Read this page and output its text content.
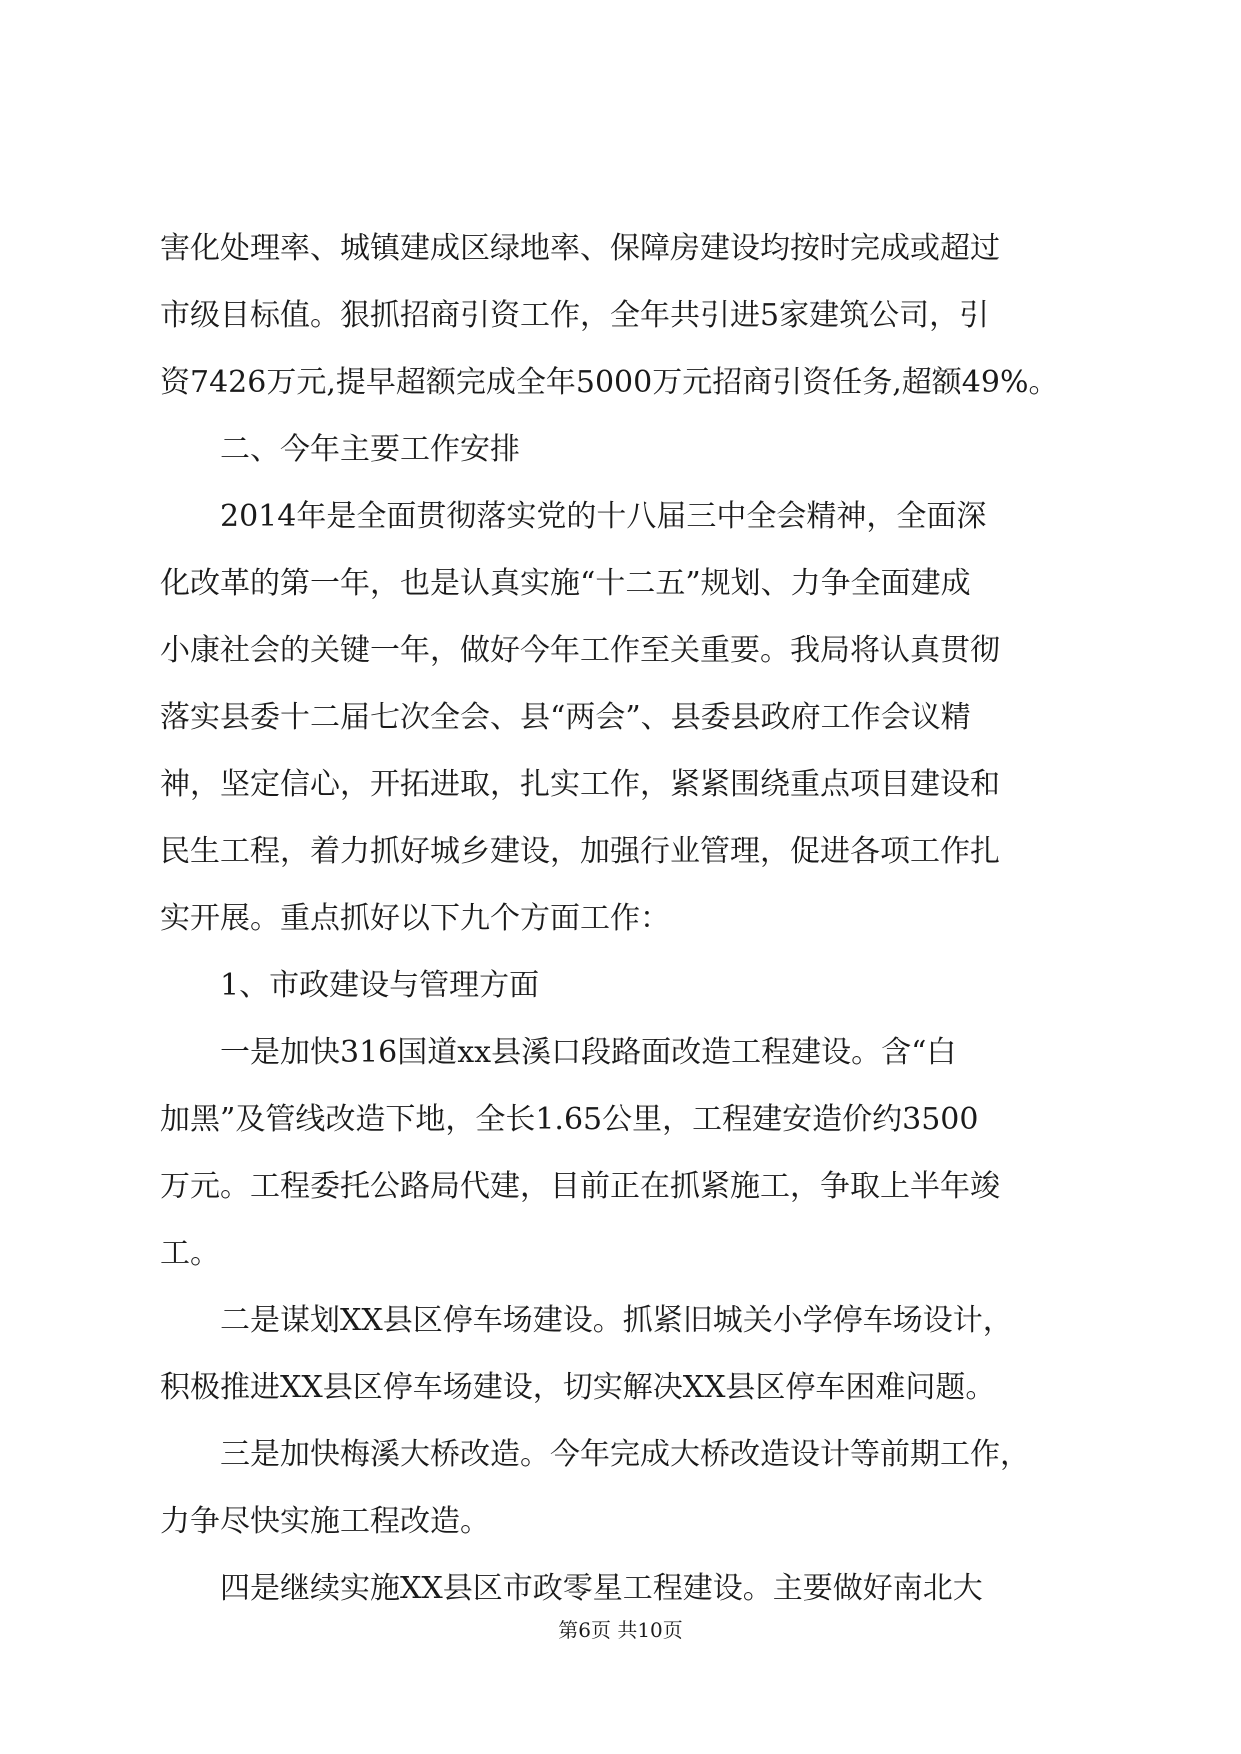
害化处理率、城镇建成区绿地率、保障房建设均按时完成或超过
市级目标值。狠抓招商引资工作，全年共引进5家建筑公司，引
资7426万元,提早超额完成全年5000万元招商引资任务,超额49%。
二、今年主要工作安排
2014年是全面贯彻落实党的十八届三中全会精神，全面深
化改革的第一年，也是认真实施“十二五”规划、力争全面建成
小康社会的关键一年，做好今年工作至关重要。我局将认真贯彻
落实县委十二届七次全会、县“两会”、县委县政府工作会议精
神，坚定信心，开拓进取，扎实工作，紧紧围绕重点项目建设和
民生工程，着力抓好城乡建设，加强行业管理，促进各项工作扎
实开展。重点抓好以下九个方面工作：
1、市政建设与管理方面
一是加快316国道xx县溪口段路面改造工程建设。含“白
加黑”及管线改造下地，全长1.65公里，工程建安造价约3500
万元。工程委托公路局代建，目前正在抓紧施工，争取上半年竣
工。
二是谋划XX县区停车场建设。抓紧旧城关小学停车场设计，
积极推进XX县区停车场建设，切实解决XX县区停车困难问题。
三是加快梅溪大桥改造。今年完成大桥改造设计等前期工作，
力争尽快实施工程改造。
四是继续实施XX县区市政零星工程建设。主要做好南北大
第6页 共10页
